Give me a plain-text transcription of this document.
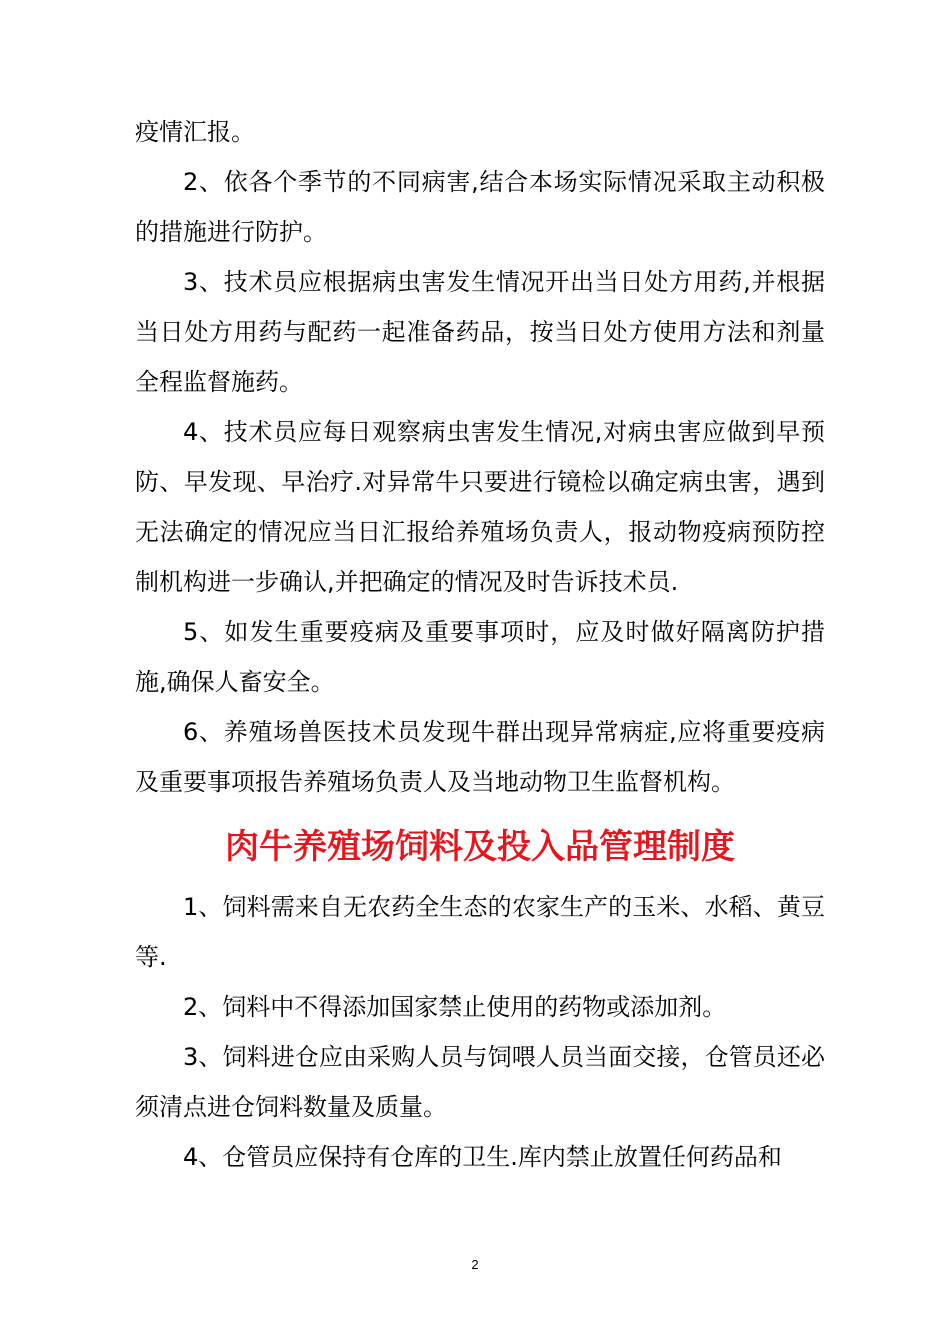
疫情汇报。

2、依各个季节的不同病害,结合本场实际情况采取主动积极的措施进行防护。

3、技术员应根据病虫害发生情况开出当日处方用药,并根据当日处方用药与配药一起准备药品，按当日处方使用方法和剂量全程监督施药。

4、技术员应每日观察病虫害发生情况,对病虫害应做到早预防、早发现、早治疗.对异常牛只要进行镜检以确定病虫害，遇到无法确定的情况应当日汇报给养殖场负责人，报动物疫病预防控制机构进一步确认,并把确定的情况及时告诉技术员.

5、如发生重要疫病及重要事项时，应及时做好隔离防护措施,确保人畜安全。

6、养殖场兽医技术员发现牛群出现异常病症,应将重要疫病及重要事项报告养殖场负责人及当地动物卫生监督机构。

肉牛养殖场饲料及投入品管理制度

1、饲料需来自无农药全生态的农家生产的玉米、水稻、黄豆等.

2、饲料中不得添加国家禁止使用的药物或添加剂。

3、饲料进仓应由采购人员与饲喂人员当面交接，仓管员还必须清点进仓饲料数量及质量。

4、仓管员应保持有仓库的卫生.库内禁止放置任何药品和

2
